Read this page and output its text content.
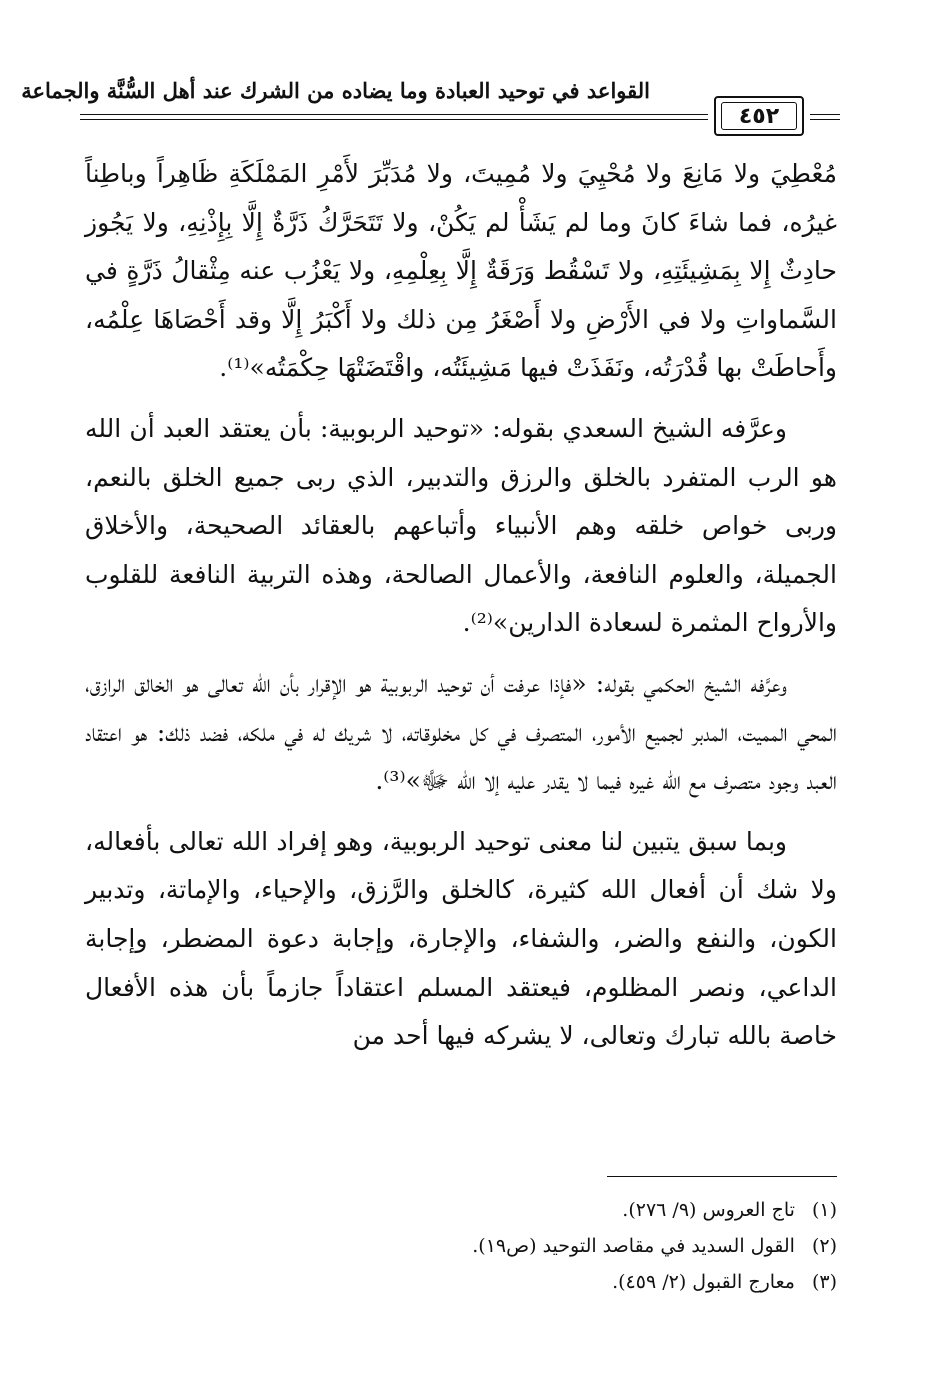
القواعد في توحيد العبادة وما يضاده من الشرك عند أهل السُّنَّة والجماعة
٤٥٢

مُعْطِيَ ولا مَانِعَ ولا مُحْيِيَ ولا مُمِيتَ، ولا مُدَبِّرَ لأَمْرِ المَمْلَكَةِ ظَاهِراً وباطِناً غيرُه، فما شاءَ كانَ وما لم يَشَأْ لم يَكُنْ، ولا تَتَحَرَّكُ ذَرَّةٌ إِلَّا بِإِذْنِهِ، ولا يَجُوز حادِثٌ إِلا بِمَشِيئَتِهِ، ولا تَسْقُط وَرَقَةٌ إِلَّا بِعِلْمِهِ، ولا يَعْزُب عنه مِثْقالُ ذَرَّةٍ في السَّماواتِ ولا في الأَرْضِ ولا أَصْغَرُ مِن ذلك ولا أَكْبَرُ إِلَّا وقد أَحْصَاهَا عِلْمُه، وأَحاطَتْ بها قُدْرَتُه، ونَفَذَتْ فيها مَشِيئَتُه، واقْتَضَتْهَا حِكْمَتُه»⁽¹⁾.

وعرَّفه الشيخ السعدي بقوله: «توحيد الربوبية: بأن يعتقد العبد أن الله هو الرب المتفرد بالخلق والرزق والتدبير، الذي ربى جميع الخلق بالنعم، وربى خواص خلقه وهم الأنبياء وأتباعهم بالعقائد الصحيحة، والأخلاق الجميلة، والعلوم النافعة، والأعمال الصالحة، وهذه التربية النافعة للقلوب والأرواح المثمرة لسعادة الدارين»⁽²⁾.

وعرَّفه الشيخ الحكمي بقوله: «فإذا عرفت أن توحيد الربوبية هو الإقرار بأن الله تعالى هو الخالق الرازق، المحي المميت، المدبر لجميع الأمور، المتصرف في كل مخلوقاته، لا شريك له في ملكه، فضد ذلك: هو اعتقاد العبد وجود متصرف مع الله غيره فيما لا يقدر عليه إلا الله ﷻ»⁽³⁾.

وبما سبق يتبين لنا معنى توحيد الربوبية، وهو إفراد الله تعالى بأفعاله، ولا شك أن أفعال الله كثيرة، كالخلق والرَّزق، والإحياء، والإماتة، وتدبير الكون، والنفع والضر، والشفاء، والإجارة، وإجابة دعوة المضطر، وإجابة الداعي، ونصر المظلوم، فيعتقد المسلم اعتقاداً جازماً بأن هذه الأفعال خاصة بالله تبارك وتعالى، لا يشركه فيها أحد من

(١) تاج العروس (٩/ ٢٧٦).
(٢) القول السديد في مقاصد التوحيد (ص١٩).
(٣) معارج القبول (٢/ ٤٥٩).
